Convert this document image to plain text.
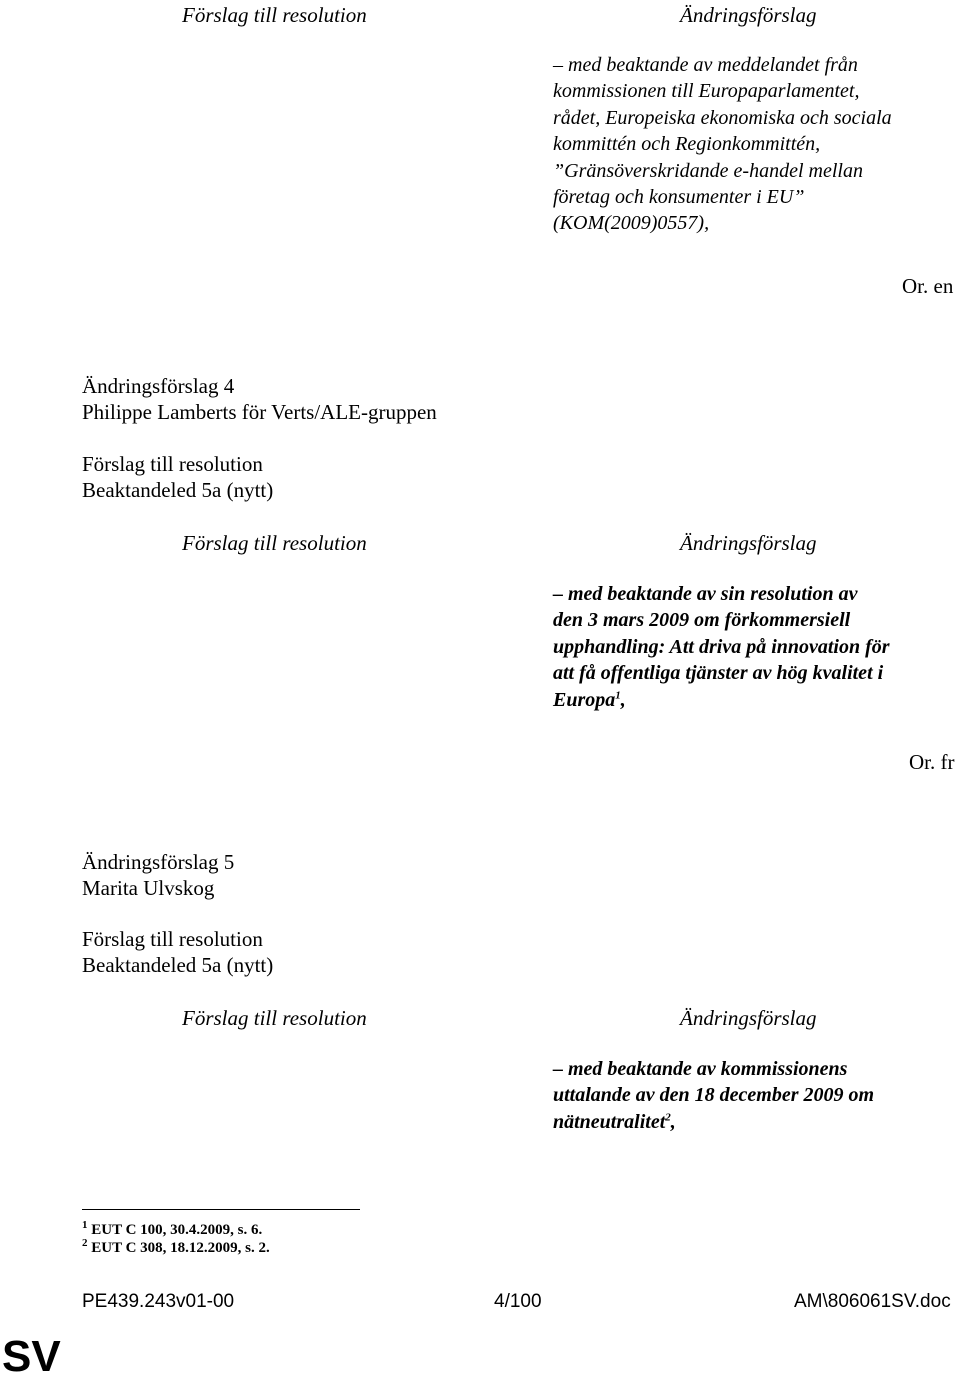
Förslag till resolution	Ändringsförslag
– med beaktande av meddelandet från
kommissionen till Europaparlamentet,
rådet, Europeiska ekonomiska och sociala
kommittén och Regionkommittén,
”Gränsöverskridande e-handel mellan
företag och konsumenter i EU”
(KOM(2009)0557),
Or. en
Ändringsförslag 4
Philippe Lamberts för Verts/ALE-gruppen
Förslag till resolution
Beaktandeled 5a (nytt)
Förslag till resolution	Ändringsförslag
– med beaktande av sin resolution av
den 3 mars 2009 om förkommersiell
upphandling: Att driva på innovation för
att få offentliga tjänster av hög kvalitet i
Europa$^1$,
Or. fr
Ändringsförslag 5
Marita Ulvskog
Förslag till resolution
Beaktandeled 5a (nytt)
Förslag till resolution	Ändringsförslag
– med beaktande av kommissionens
uttalande av den 18 december 2009 om
nätneutralitet$^2$,
$^1$ EUT C 100, 30.4.2009, s. 6.
$^2$ EUT C 308, 18.12.2009, s. 2.
PE439.243v01-00	4/100	AM\806061SV.doc
SV
